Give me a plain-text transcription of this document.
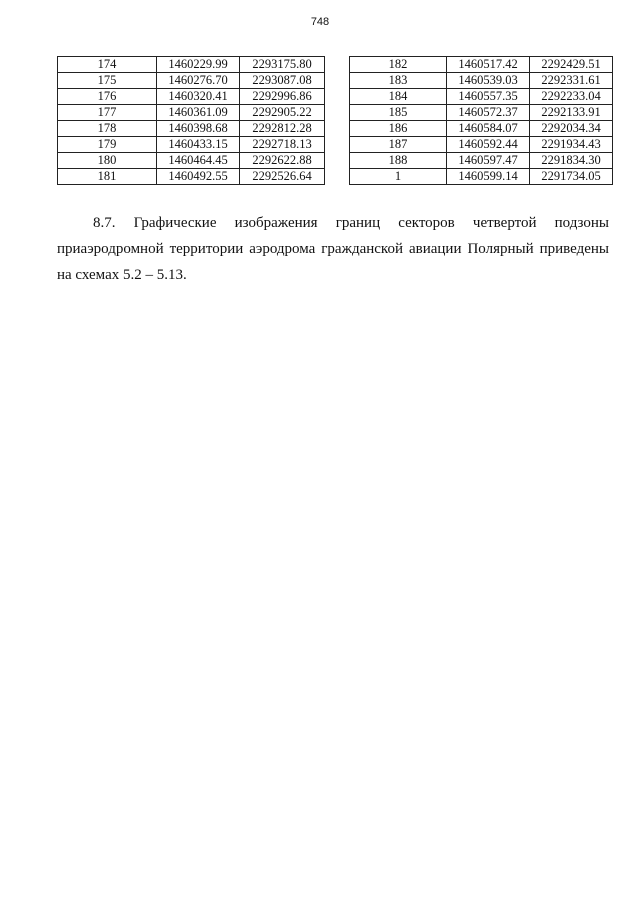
748
174	1460229.99	2293175.80
175	1460276.70	2293087.08
176	1460320.41	2292996.86
177	1460361.09	2292905.22
178	1460398.68	2292812.28
179	1460433.15	2292718.13
180	1460464.45	2292622.88
181	1460492.55	2292526.64
182	1460517.42	2292429.51
183	1460539.03	2292331.61
184	1460557.35	2292233.04
185	1460572.37	2292133.91
186	1460584.07	2292034.34
187	1460592.44	2291934.43
188	1460597.47	2291834.30
1	1460599.14	2291734.05
8.7. Графические изображения границ секторов четвертой подзоны
приаэродромной территории аэродрома гражданской авиации Полярный приведены
на схемах 5.2 – 5.13.
